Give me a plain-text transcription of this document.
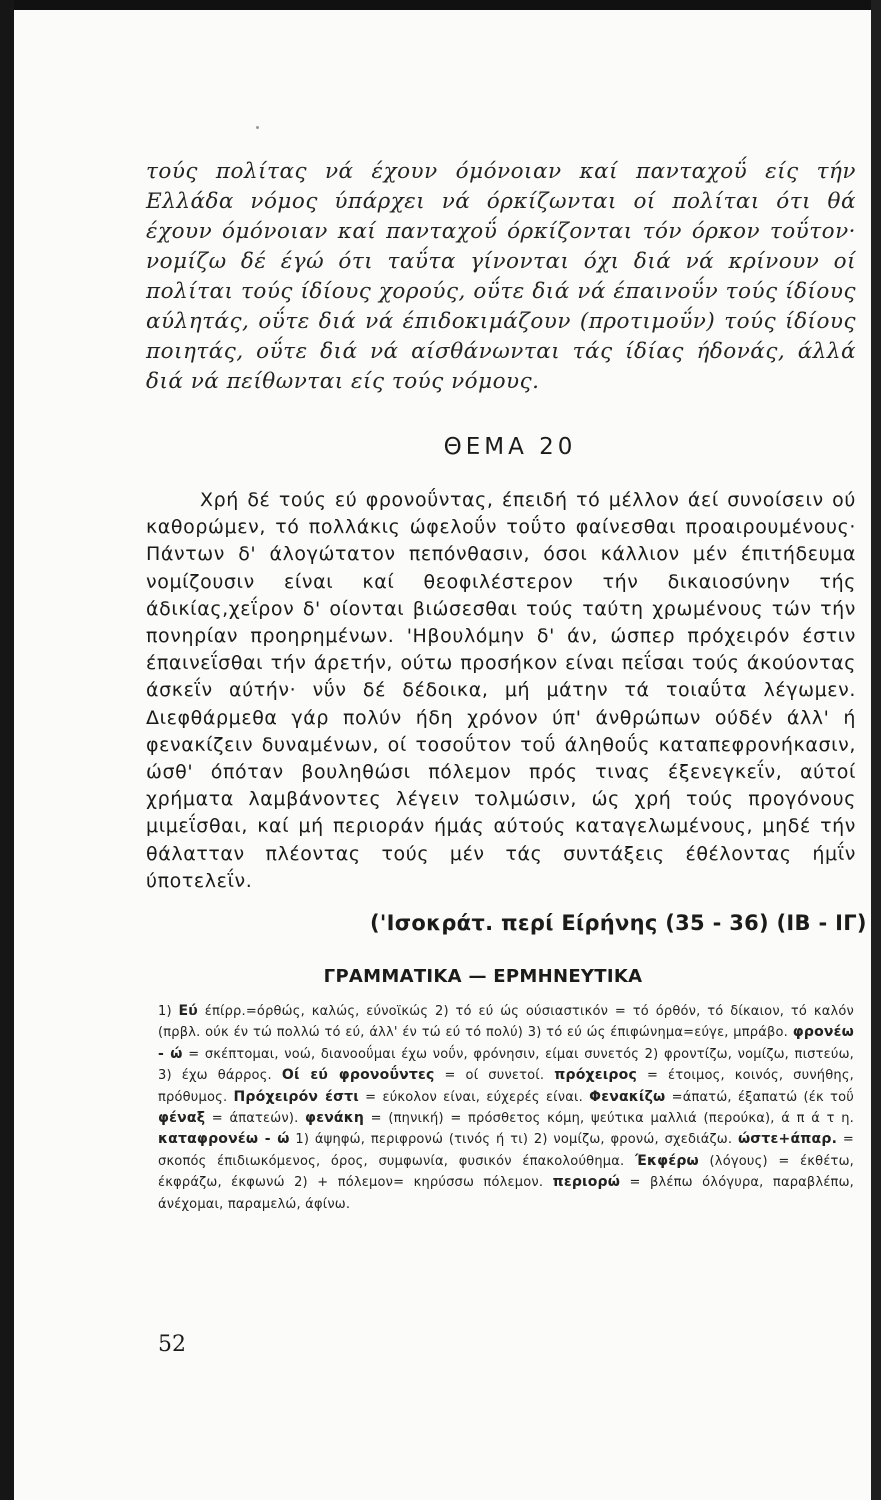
τούς πολίτας νά έχουν όμόνοιαν καί πανταχοΰ είς τήν Ελλάδα νόμος ύπάρχει νά όρκίζωνται οί πολίται ότι θά έχουν όμόνοιαν καί πανταχοΰ όρκίζονται τόν όρκον τοΰτον· νομίζω δέ έγώ ότι ταΰτα γίνονται όχι διά νά κρίνουν οί πολίται τούς ίδίους χορούς, οΰτε διά νά έπαινοΰν τούς ίδίους αύλητάς, οΰτε διά νά έπιδοκιμάζουν (προτιμοΰν) τούς ίδίους ποιητάς, οΰτε διά νά αίσθάνωνται τάς ίδίας ήδονάς, άλλά διά νά πείθωνται είς τούς νόμους.

ΘΕΜΑ 20

Χρή δέ τούς εύ φρονοΰντας, έπειδή τό μέλλον άεί συνοίσειν ού καθορώμεν, τό πολλάκις ώφελοΰν τοΰτο φαίνεσθαι προαιρουμένους· Πάντων δ' άλογώτατον πεπόνθασιν, όσοι κάλλιον μέν έπιτήδευμα νομίζουσιν είναι καί θεοφιλέστερον τήν δικαιοσύνην τής άδικίας,χεΐρον δ' οίονται βιώσεσθαι τούς ταύτη χρωμένους τών τήν πονηρίαν προηρημένων. 'Ηβουλόμην δ' άν, ώσπερ πρόχειρόν έστιν έπαινεΐσθαι τήν άρετήν, ούτω προσήκον είναι πεΐσαι τούς άκούοντας άσκεΐν αύτήν· νΰν δέ δέδοικα, μή μάτην τά τοιαΰτα λέγωμεν. Διεφθάρμεθα γάρ πολύν ήδη χρόνον ύπ' άνθρώπων ούδέν άλλ' ή φενακίζειν δυναμένων, οί τοσοΰτον τοΰ άληθοΰς καταπεφρονήκασιν, ώσθ' όπόταν βουληθώσι πόλεμον πρός τινας έξενεγκεΐν, αύτοί χρήματα λαμβάνοντες λέγειν τολμώσιν, ώς χρή τούς προγόνους μιμεΐσθαι, καί μή περιοράν ήμάς αύτούς καταγελωμένους, μηδέ τήν θάλατταν πλέοντας τούς μέν τάς συντάξεις έθέλοντας ήμΐν ύποτελεΐν.

('Ισοκράτ. περί Είρήνης (35 - 36) (ΙΒ - ΙΓ)

ΓΡΑΜΜΑΤΙΚΑ — ΕΡΜΗΝΕΥΤΙΚΑ

1) Εύ έπίρρ.=όρθώς, καλώς, εύνοϊκώς 2) τό εύ ώς ούσιαστικόν = τό όρθόν, τό δίκαιον, τό καλόν (πρβλ. ούκ έν τώ πολλώ τό εύ, άλλ' έν τώ εύ τό πολύ) 3) τό εύ ώς έπιφώνημα=εύγε, μπράβο. φρονέω - ώ = σκέπτομαι, νοώ, διανοοΰμαι έχω νοΰν, φρόνησιν, είμαι συνετός 2) φροντίζω, νομίζω, πιστεύω, 3) έχω θάρρος. Οί εύ φρονοΰντες = οί συνετοί. πρόχειρος = έτοιμος, κοινός, συνήθης, πρόθυμος. Πρόχειρόν έστι = εύκολον είναι, εύχερές είναι. Φενακίζω =άπατώ, έξαπατώ (έκ τοΰ φέναξ = άπατεών). φενάκη = (πηνική) = πρόσθετος κόμη, ψεύτικα μαλλιά (περούκα), ά π ά τ η. καταφρονέω - ώ 1) άψηφώ, περιφρονώ (τινός ή τι) 2) νομίζω, φρονώ, σχεδιάζω. ώστε+άπαρ. = σκοπός έπιδιωκόμενος, όρος, συμφωνία, φυσικόν έπακολούθημα. Έκφέρω (λόγους) = έκθέτω, έκφράζω, έκφωνώ 2) + πόλεμον= κηρύσσω πόλεμον. περιορώ = βλέπω όλόγυρα, παραβλέπω, άνέχομαι, παραμελώ, άφίνω.

52
